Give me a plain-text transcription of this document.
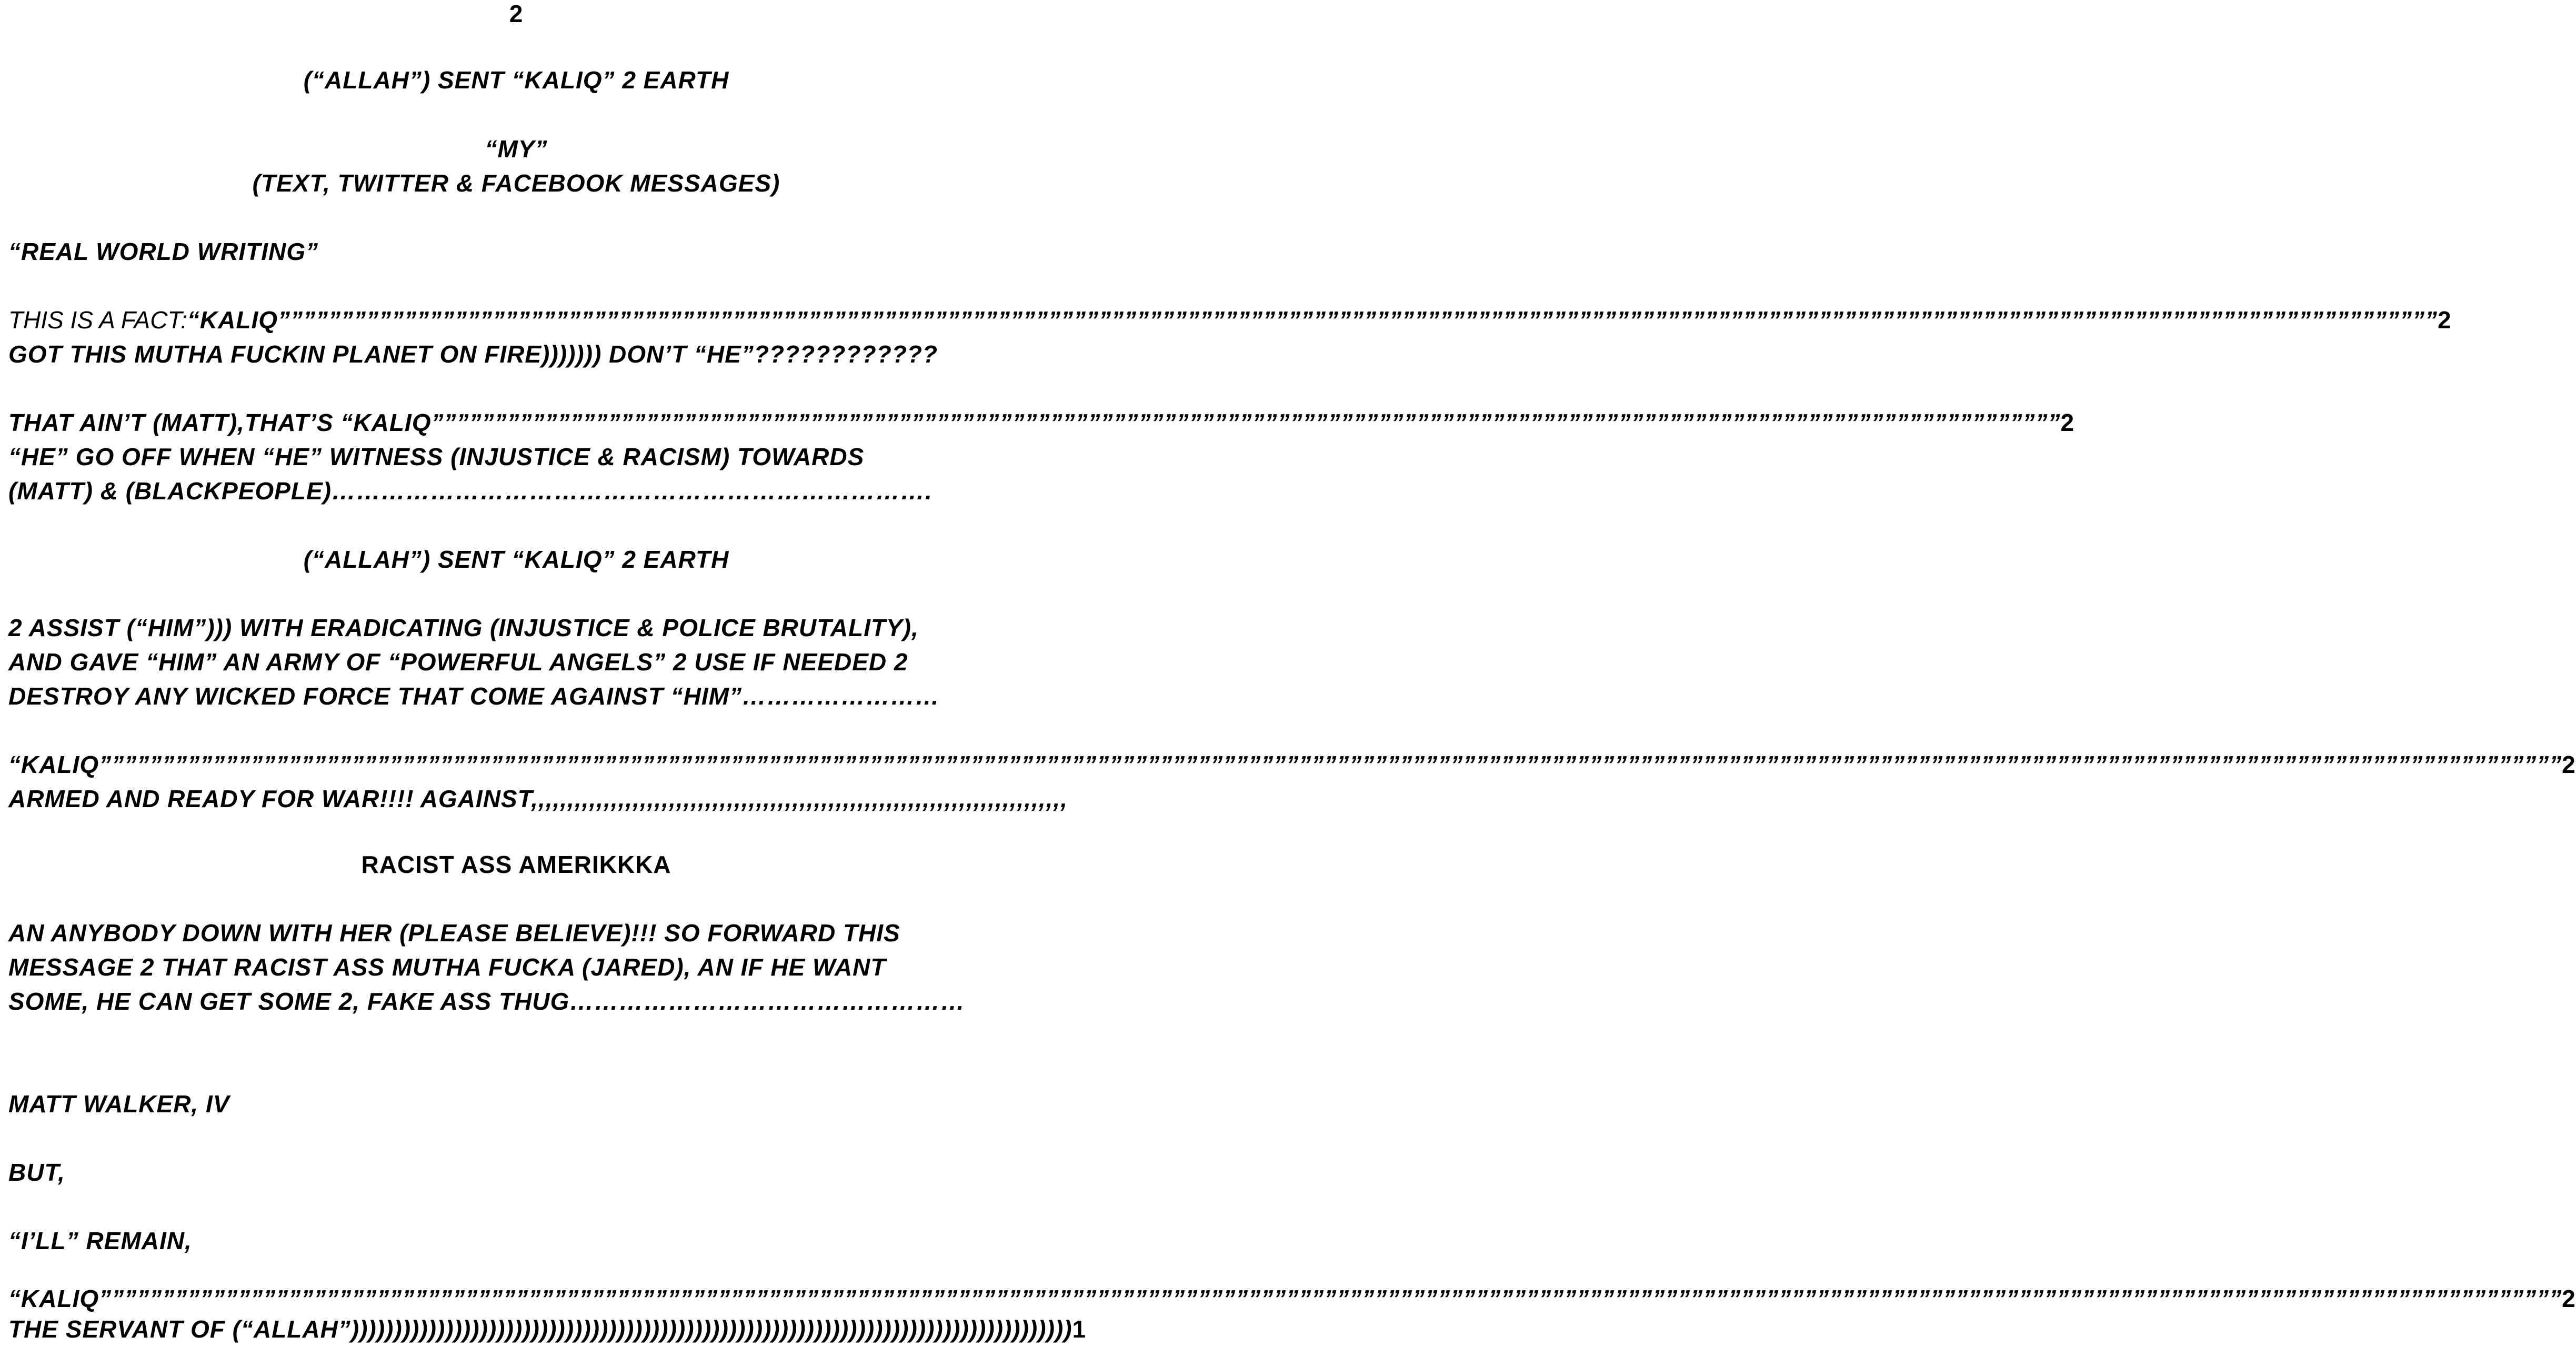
2
(“ALLAH”) SENT “KALIQ” 2 EARTH
“MY”
(TEXT, TWITTER & FACEBOOK MESSAGES)
“REAL WORLD WRITING”
THIS IS A FACT: “KALIQ ””””””””””””””””””””””””””””””””””””””””””””””””””””””””””””””””””””””””””””””””””””””””””””””””””””””””””””””””””””””””””””””””””””””””””””””””””””””””””””””””””””””””””” 2
GOT THIS MUTHA FUCKIN PLANET ON FIRE))))))) DON’T “HE”????????????
THAT AIN’T (MATT),THAT’S “KALIQ ””””””””””””””””””””””””””””””””””””””””””””””””””””””””””””””””””””””””””””””””””””””””””””””””””””””””””””””””””””””””””””””””” 2
“HE” GO OFF WHEN “HE” WITNESS (INJUSTICE & RACISM) TOWARDS
(MATT) & (BLACKPEOPLE)……………………………………………………………….
(“ALLAH”) SENT “KALIQ” 2 EARTH
2 ASSIST (“HIM”))) WITH ERADICATING (INJUSTICE & POLICE BRUTALITY),
AND GAVE “HIM” AN ARMY OF “POWERFUL ANGELS” 2 USE IF NEEDED 2
DESTROY ANY WICKED FORCE THAT COME AGAINST “HIM”……………………
“KALIQ ””””””””””””””””””””””””””””””””””””””””””””””””””””””””””””””””””””””””””””””””””””””””””””””””””””””””””””””””””””””””””””””””””””””””””””””””””””””””””””””””””””””””””””””””””””””””””””””””””” 2
ARMED AND READY FOR WAR!!!! AGAINST,,,,,,,,,,,,,,,,,,,,,,,,,,,,,,,,,,,,,,,,,,,,,,,,,,,,,,,,,,,,,,,,,,,,,,,,,,
RACIST ASS AMERIKKKA
AN ANYBODY DOWN WITH HER (PLEASE BELIEVE)!!! SO FORWARD THIS
MESSAGE 2 THAT RACIST ASS MUTHA FUCKA (JARED), AN IF HE WANT
SOME, HE CAN GET SOME 2, FAKE ASS THUG…………………………………………
MATT WALKER, IV
BUT,
“I’LL” REMAIN,
“KALIQ ””””””””””””””””””””””””””””””””””””””””””””””””””””””””””””””””””””””””””””””””””””””””””””””””””””””””””””””””””””””””””””””””””””””””””””””””””””””””””””””””””””””””””””””””””””””””””””””””””” 2
THE SERVANT OF (“ALLAH”)))))))))))))))))))))))))))))))))))))))))))))))))))))))))))))))))))))))))))))))))))) 1
